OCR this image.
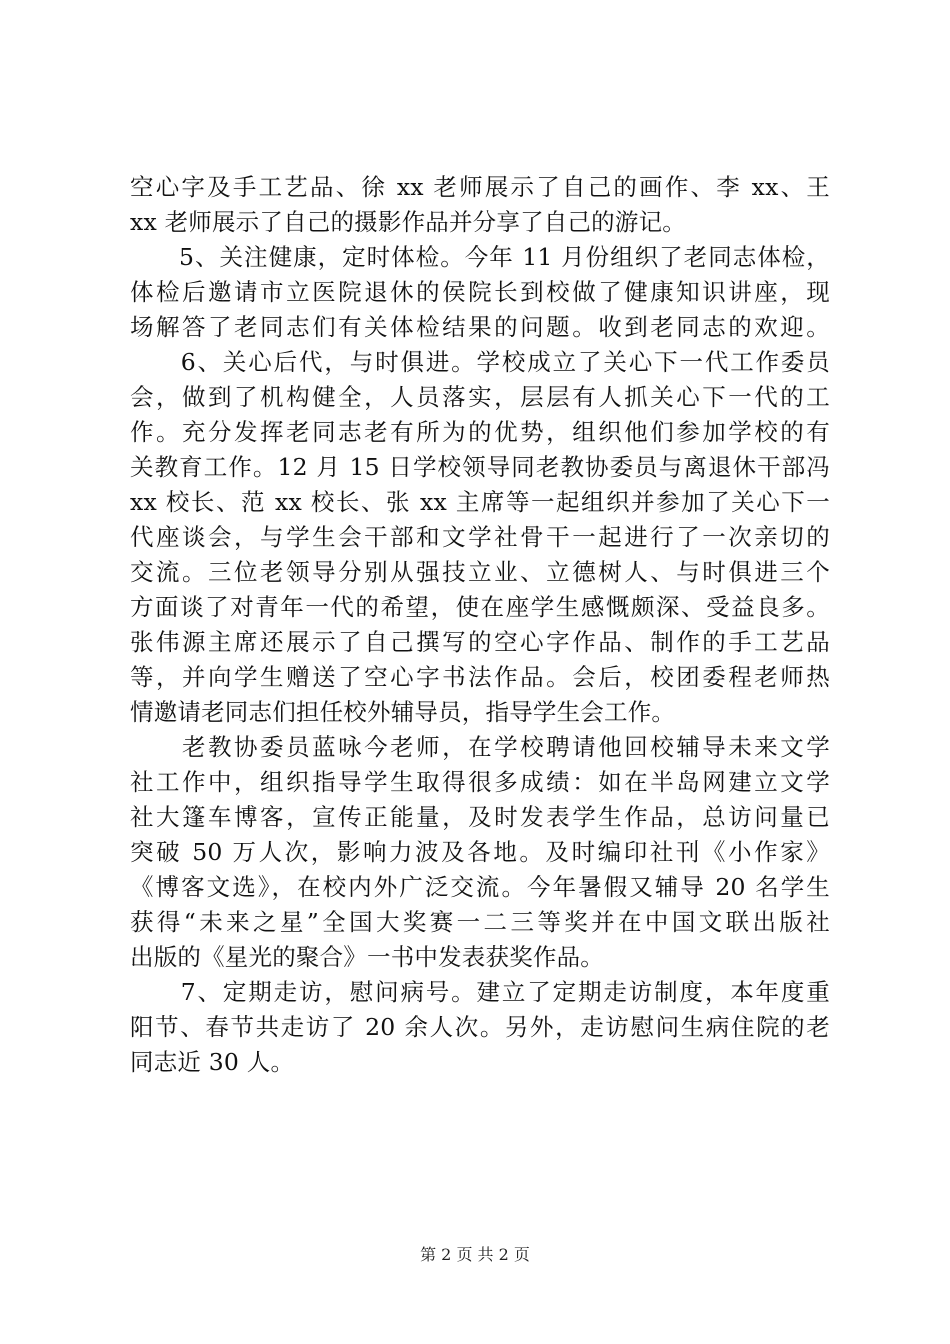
空心字及手工艺品、徐 xx 老师展示了自己的画作、李 xx、王
xx 老师展示了自己的摄影作品并分享了自己的游记。
　　5、关注健康，定时体检。今年 11 月份组织了老同志体检，
体检后邀请市立医院退休的侯院长到校做了健康知识讲座，现
场解答了老同志们有关体检结果的问题。收到老同志的欢迎。
　　6、关心后代，与时俱进。学校成立了关心下一代工作委员
会，做到了机构健全，人员落实，层层有人抓关心下一代的工
作。充分发挥老同志老有所为的优势，组织他们参加学校的有
关教育工作。12 月 15 日学校领导同老教协委员与离退休干部冯
xx 校长、范 xx 校长、张 xx 主席等一起组织并参加了关心下一
代座谈会，与学生会干部和文学社骨干一起进行了一次亲切的
交流。三位老领导分别从强技立业、立德树人、与时俱进三个
方面谈了对青年一代的希望，使在座学生感慨颇深、受益良多。
张伟源主席还展示了自己撰写的空心字作品、制作的手工艺品
等，并向学生赠送了空心字书法作品。会后，校团委程老师热
情邀请老同志们担任校外辅导员，指导学生会工作。
　　老教协委员蓝咏今老师，在学校聘请他回校辅导未来文学
社工作中，组织指导学生取得很多成绩：如在半岛网建立文学
社大篷车博客，宣传正能量，及时发表学生作品，总访问量已
突破 50 万人次，影响力波及各地。及时编印社刊《小作家》
《博客文选》，在校内外广泛交流。今年暑假又辅导 20 名学生
获得“未来之星”全国大奖赛一二三等奖并在中国文联出版社
出版的《星光的聚合》一书中发表获奖作品。
　　7、定期走访，慰问病号。建立了定期走访制度，本年度重
阳节、春节共走访了 20 余人次。另外，走访慰问生病住院的老
同志近 30 人。
第 2 页 共 2 页
